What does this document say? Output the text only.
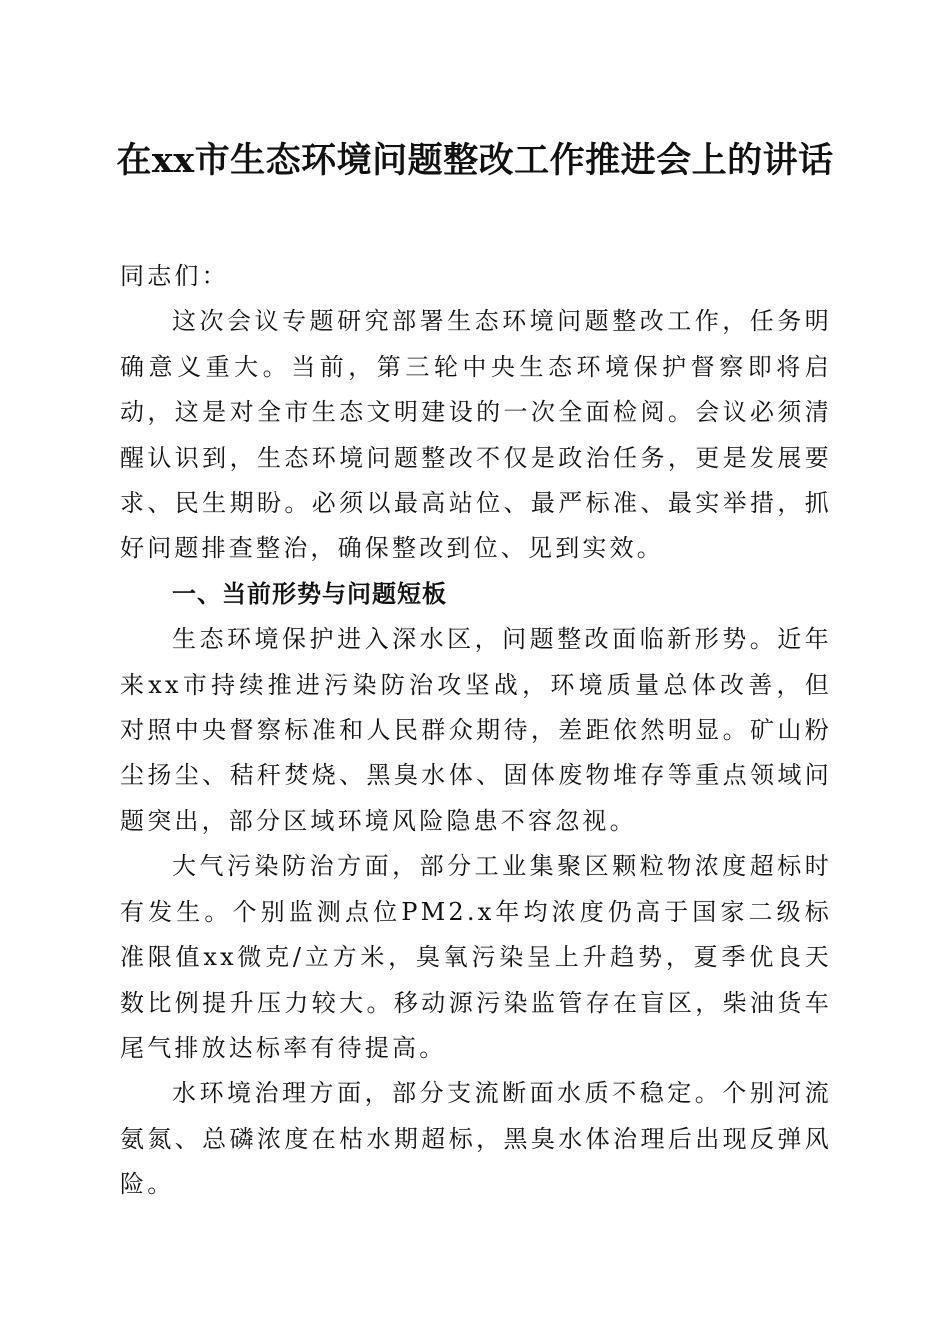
在xx市生态环境问题整改工作推进会上的讲话

同志们：

这次会议专题研究部署生态环境问题整改工作，任务明确意义重大。当前，第三轮中央生态环境保护督察即将启动，这是对全市生态文明建设的一次全面检阅。会议必须清醒认识到，生态环境问题整改不仅是政治任务，更是发展要求、民生期盼。必须以最高站位、最严标准、最实举措，抓好问题排查整治，确保整改到位、见到实效。

一、当前形势与问题短板

生态环境保护进入深水区，问题整改面临新形势。近年来xx市持续推进污染防治攻坚战，环境质量总体改善，但对照中央督察标准和人民群众期待，差距依然明显。矿山粉尘扬尘、秸秆焚烧、黑臭水体、固体废物堆存等重点领域问题突出，部分区域环境风险隐患不容忽视。

大气污染防治方面，部分工业集聚区颗粒物浓度超标时有发生。个别监测点位PM2.x年均浓度仍高于国家二级标准限值xx微克/立方米，臭氧污染呈上升趋势，夏季优良天数比例提升压力较大。移动源污染监管存在盲区，柴油货车尾气排放达标率有待提高。

水环境治理方面，部分支流断面水质不稳定。个别河流氨氮、总磷浓度在枯水期超标，黑臭水体治理后出现反弹风险。
